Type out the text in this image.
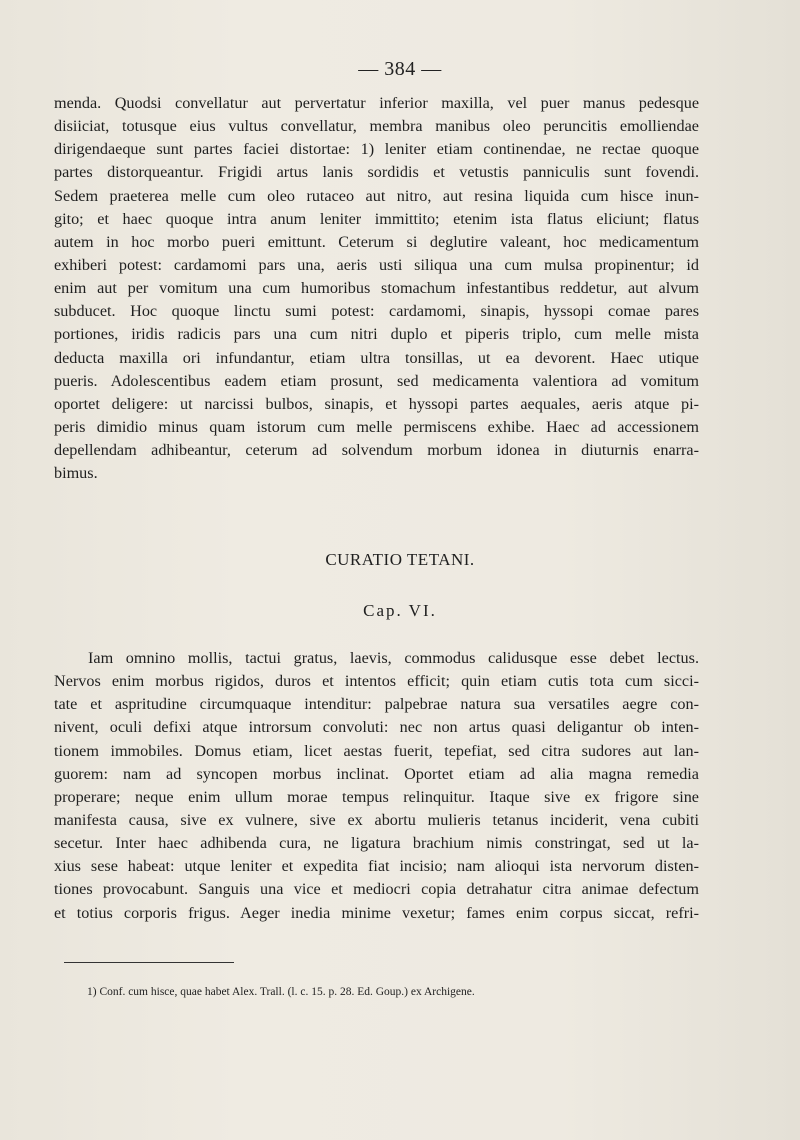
— 384 —
menda. Quodsi convellatur aut pervertatur inferior maxilla, vel puer manus pedesque
disiiciat, totusque eius vultus convellatur, membra manibus oleo peruncitis emolliendae
dirigendaeque sunt partes faciei distortae: 1) leniter etiam continendae, ne rectae quoque
partes distorqueantur. Frigidi artus lanis sordidis et vetustis panniculis sunt fovendi.
Sedem praeterea melle cum oleo rutaceo aut nitro, aut resina liquida cum hisce inun-
gito; et haec quoque intra anum leniter immittito; etenim ista flatus eliciunt; flatus
autem in hoc morbo pueri emittunt. Ceterum si deglutire valeant, hoc medicamentum
exhiberi potest: cardamomi pars una, aeris usti siliqua una cum mulsa propinentur; id
enim aut per vomitum una cum humoribus stomachum infestantibus reddetur, aut alvum
subducet. Hoc quoque linctu sumi potest: cardamomi, sinapis, hyssopi comae pares
portiones, iridis radicis pars una cum nitri duplo et piperis triplo, cum melle mista
deducta maxilla ori infundantur, etiam ultra tonsillas, ut ea devorent. Haec utique
pueris. Adolescentibus eadem etiam prosunt, sed medicamenta valentiora ad vomitum
oportet deligere: ut narcissi bulbos, sinapis, et hyssopi partes aequales, aeris atque pi-
peris dimidio minus quam istorum cum melle permiscens exhibe. Haec ad accessionem
depellendam adhibeantur, ceterum ad solvendum morbum idonea in diuturnis enarra-
bimus.
CURATIO TETANI.
Cap. VI.
Iam omnino mollis, tactui gratus, laevis, commodus calidusque esse debet lectus.
Nervos enim morbus rigidos, duros et intentos efficit; quin etiam cutis tota cum sicci-
tate et aspritudine circumquaque intenditur: palpebrae natura sua versatiles aegre con-
nivent, oculi defixi atque introrsum convoluti: nec non artus quasi deligantur ob inten-
tionem immobiles. Domus etiam, licet aestas fuerit, tepefiat, sed citra sudores aut lan-
guorem: nam ad syncopen morbus inclinat. Oportet etiam ad alia magna remedia
properare; neque enim ullum morae tempus relinquitur. Itaque sive ex frigore sine
manifesta causa, sive ex vulnere, sive ex abortu mulieris tetanus inciderit, vena cubiti
secetur. Inter haec adhibenda cura, ne ligatura brachium nimis constringat, sed ut la-
xius sese habeat: utque leniter et expedita fiat incisio; nam alioqui ista nervorum disten-
tiones provocabunt. Sanguis una vice et mediocri copia detrahatur citra animae defectum
et totius corporis frigus. Aeger inedia minime vexetur; fames enim corpus siccat, refri-
1) Conf. cum hisce, quae habet Alex. Trall. (l. c. 15. p. 28. Ed. Goup.) ex Archigene.
